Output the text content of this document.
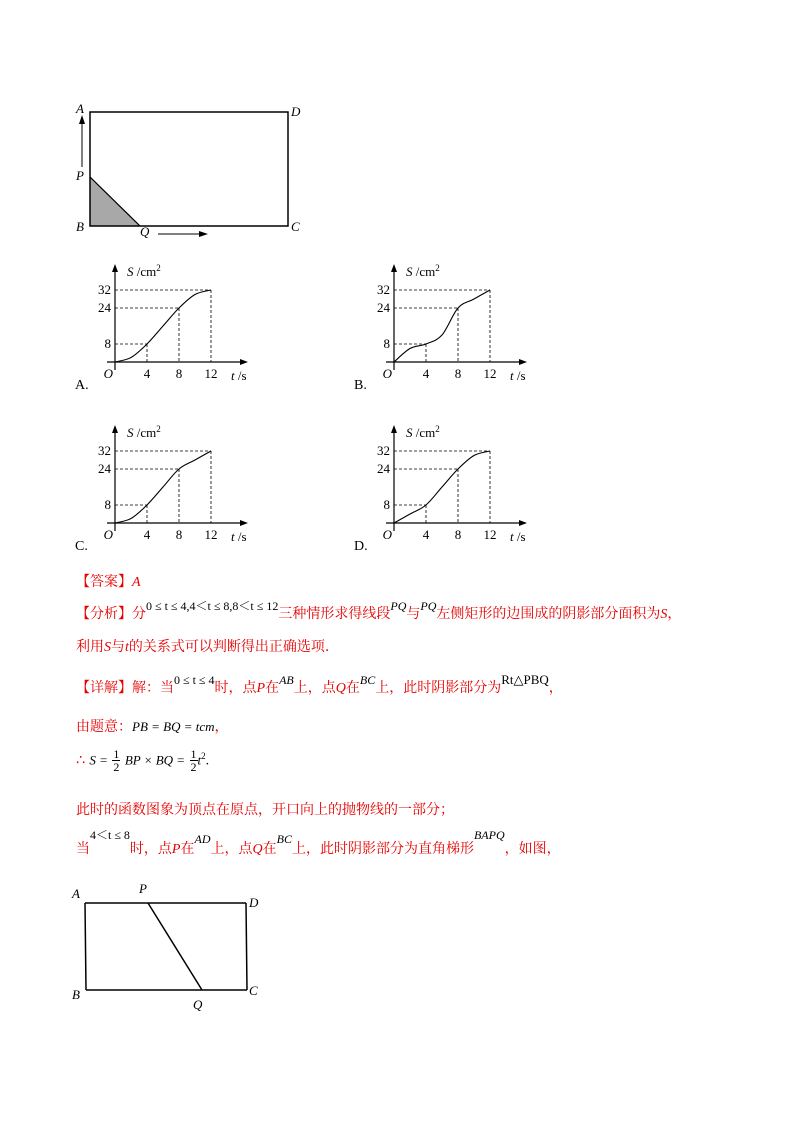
A	D
P
B	Q	C
8
24
32
4 8 12
O
S $/cm^2$
t /s
8
24
32
4 8 12
O
S $/cm^2$
t /s
8
24
32
4 8 12
O
S $/cm^2$
t /s
8
24
32
4 8 12
O
S $/cm^2$
t /s
A.	B.
C.	D.
【答案】A
【分析】分0 ≤ t ≤ 4,4＜t ≤ 8,8＜t ≤ 12三种情形求得线段PQ与PQ左侧矩形的边围成的阴影部分面积为S，
利用S与t的关系式可以判断得出正确选项.
【详解】解：当0 ≤ t ≤ 4时，点P在AB上，点Q在BC上，此时阴影部分为Rt△PBQ，
由题意：PB = BQ = tcm，
∴ $S = \frac{1}{2}$ BP × BQ = $\frac{1}{2} t^2$.
此时的函数图象为顶点在原点，开口向上的抛物线的一部分；
当4＜t ≤ 8时，点P在AD上，点Q在BC上，此时阴影部分为直角梯形BAPQ，如图，
A	P
D
B
Q
C
